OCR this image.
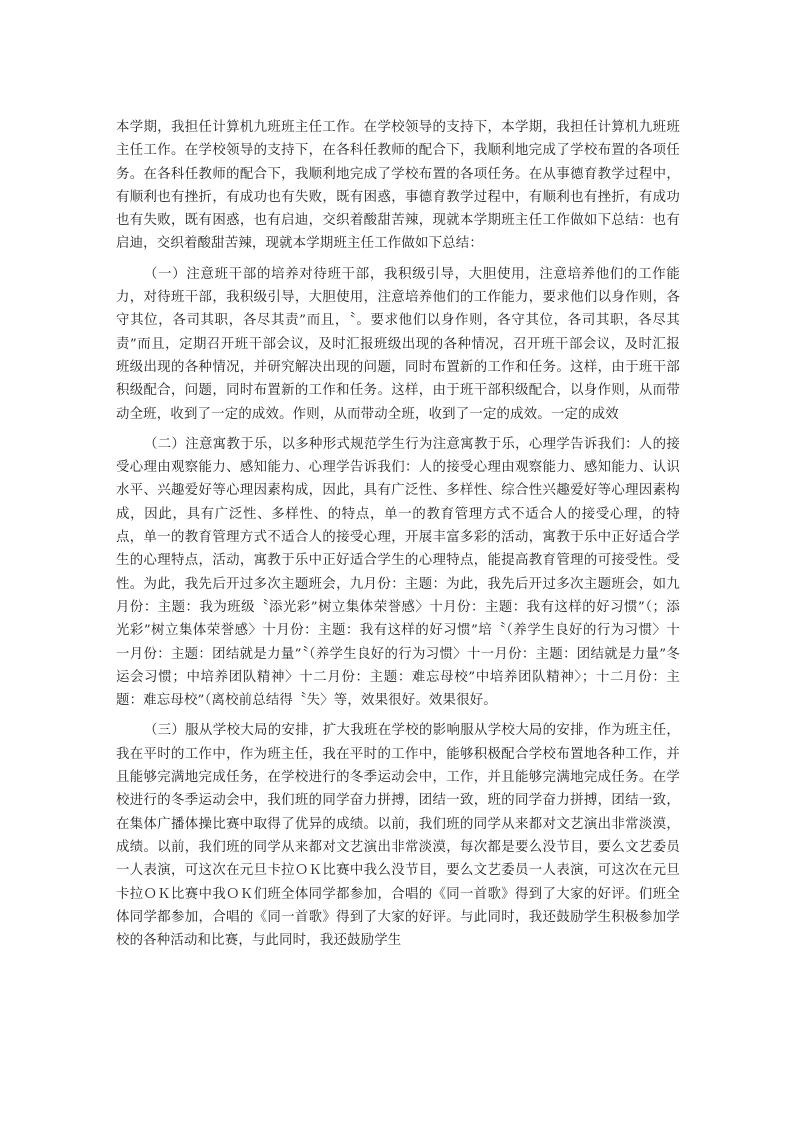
本学期，我担任计算机九班班主任工作。在学校领导的支持下，本学期，我担任计算机九班班主任工作。在学校领导的支持下，在各科任教师的配合下，我顺利地完成了学校布置的各项任务。在各科任教师的配合下，我顺利地完成了学校布置的各项任务。在从事德育教学过程中，有顺利也有挫折，有成功也有失败，既有困惑，事德育教学过程中，有顺利也有挫折，有成功也有失败，既有困惑，也有启迪，交织着酸甜苦辣，现就本学期班主任工作做如下总结：也有启迪，交织着酸甜苦辣，现就本学期班主任工作做如下总结：

（一）注意班干部的培养对待班干部，我积级引导，大胆使用，注意培养他们的工作能力，对待班干部，我积级引导，大胆使用，注意培养他们的工作能力，要求他们以身作则，各守其位，各司其职，各尽其责”而且，〝。要求他们以身作则，各守其位，各司其职，各尽其责”而且，定期召开班干部会议，及时汇报班级出现的各种情况，召开班干部会议，及时汇报班级出现的各种情况，并研究解决出现的问题，同时布置新的工作和任务。这样，由于班干部积级配合，问题，同时布置新的工作和任务。这样，由于班干部积级配合，以身作则，从而带动全班，收到了一定的成效。作则，从而带动全班，收到了一定的成效。一定的成效

（二）注意寓教于乐，以多种形式规范学生行为注意寓教于乐，心理学告诉我们：人的接受心理由观察能力、感知能力、心理学告诉我们：人的接受心理由观察能力、感知能力、认识水平、兴趣爱好等心理因素构成，因此，具有广泛性、多样性、综合性兴趣爱好等心理因素构成，因此，具有广泛性、多样性、的特点，单一的教育管理方式不适合人的接受心理，的特点，单一的教育管理方式不适合人的接受心理，开展丰富多彩的活动，寓教于乐中正好适合学生的心理特点，活动，寓教于乐中正好适合学生的心理特点，能提高教育管理的可接受性。受性。为此，我先后开过多次主题班会，九月份：主题：为此，我先后开过多次主题班会，如九月份：主题：我为班级〝添光彩”树立集体荣誉感〉十月份：主题：我有这样的好习惯”（；添光彩”树立集体荣誉感〉十月份：主题：我有这样的好习惯”培〝（养学生良好的行为习惯〉十一月份：主题：团结就是力量”〝（养学生良好的行为习惯〉十一月份：主题：团结就是力量”冬运会习惯；中培养团队精神〉十二月份：主题：难忘母校”中培养团队精神〉；十二月份：主题：难忘母校”（离校前总结得〝失〉等，效果很好。效果很好。

（三）服从学校大局的安排，扩大我班在学校的影响服从学校大局的安排，作为班主任，我在平时的工作中，作为班主任，我在平时的工作中，能够积极配合学校布置地各种工作，并且能够完满地完成任务，在学校进行的冬季运动会中，工作，并且能够完满地完成任务。在学校进行的冬季运动会中，我们班的同学奋力拼搏，团结一致，班的同学奋力拼搏，团结一致，在集体广播体操比赛中取得了优异的成绩。以前，我们班的同学从来都对文艺演出非常淡漠，成绩。以前，我们班的同学从来都对文艺演出非常淡漠，每次都是要么没节目，要么文艺委员一人表演，可这次在元旦卡拉ＯＫ比赛中我么没节目，要么文艺委员一人表演，可这次在元旦卡拉ＯＫ比赛中我ＯＫ们班全体同学都参加，合唱的《同一首歌》得到了大家的好评。们班全体同学都参加，合唱的《同一首歌》得到了大家的好评。与此同时，我还鼓励学生积极参加学校的各种活动和比赛，与此同时，我还鼓励学生
